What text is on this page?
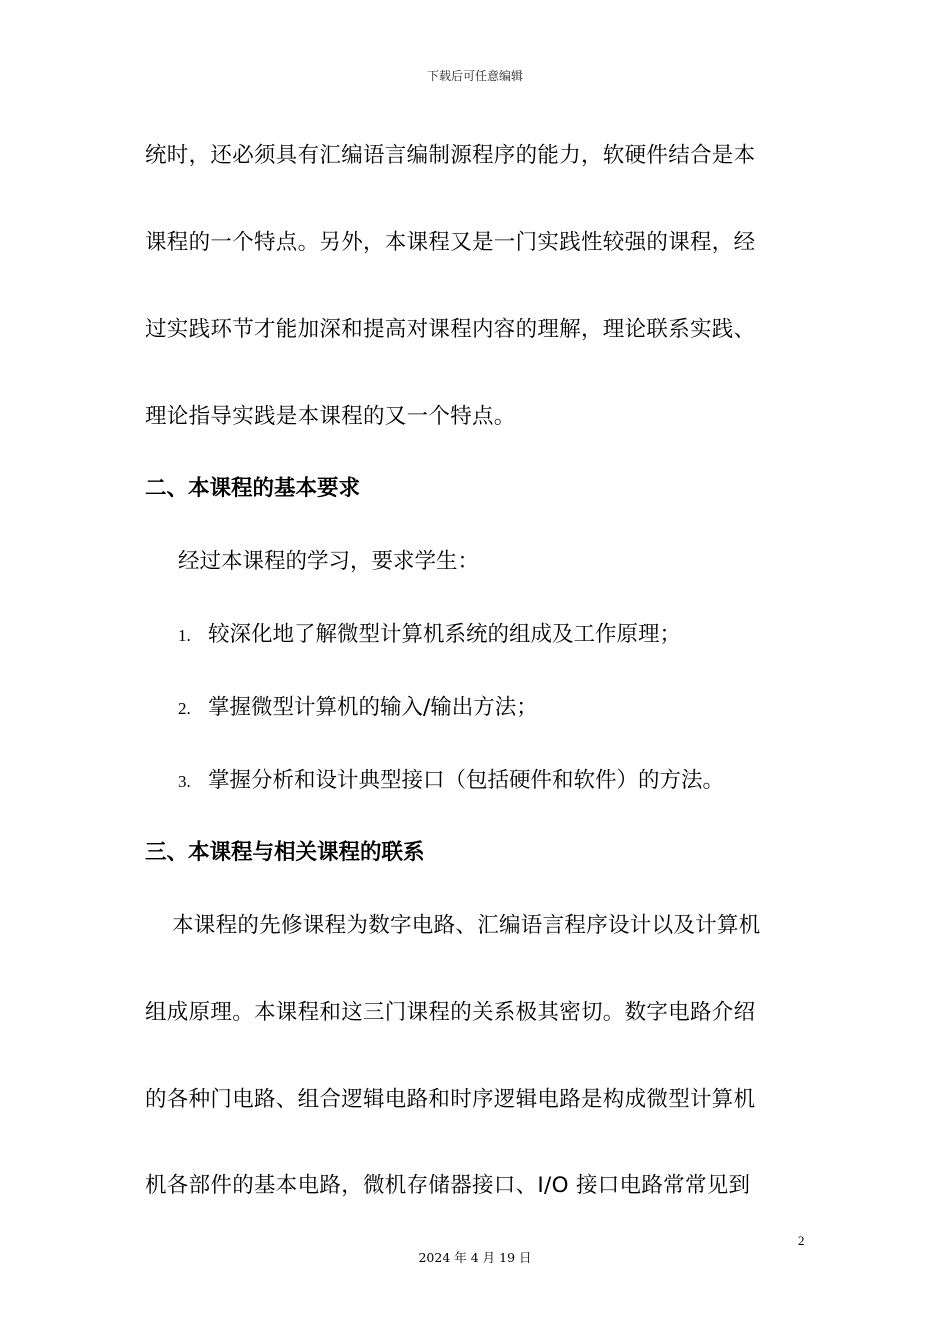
下载后可任意编辑
统时，还必须具有汇编语言编制源程序的能力，软硬件结合是本
课程的一个特点。另外，本课程又是一门实践性较强的课程，经
过实践环节才能加深和提高对课程内容的理解，理论联系实践、
理论指导实践是本课程的又一个特点。
二、本课程的基本要求
经过本课程的学习，要求学生：
1. 较深化地了解微型计算机系统的组成及工作原理；
2. 掌握微型计算机的输入/输出方法；
3. 掌握分析和设计典型接口（包括硬件和软件）的方法。
三、本课程与相关课程的联系
本课程的先修课程为数字电路、汇编语言程序设计以及计算机
组成原理。本课程和这三门课程的关系极其密切。数字电路介绍
的各种门电路、组合逻辑电路和时序逻辑电路是构成微型计算机
机各部件的基本电路，微机存储器接口、I/O 接口电路常常见到
2
2024 年 4 月 19 日
